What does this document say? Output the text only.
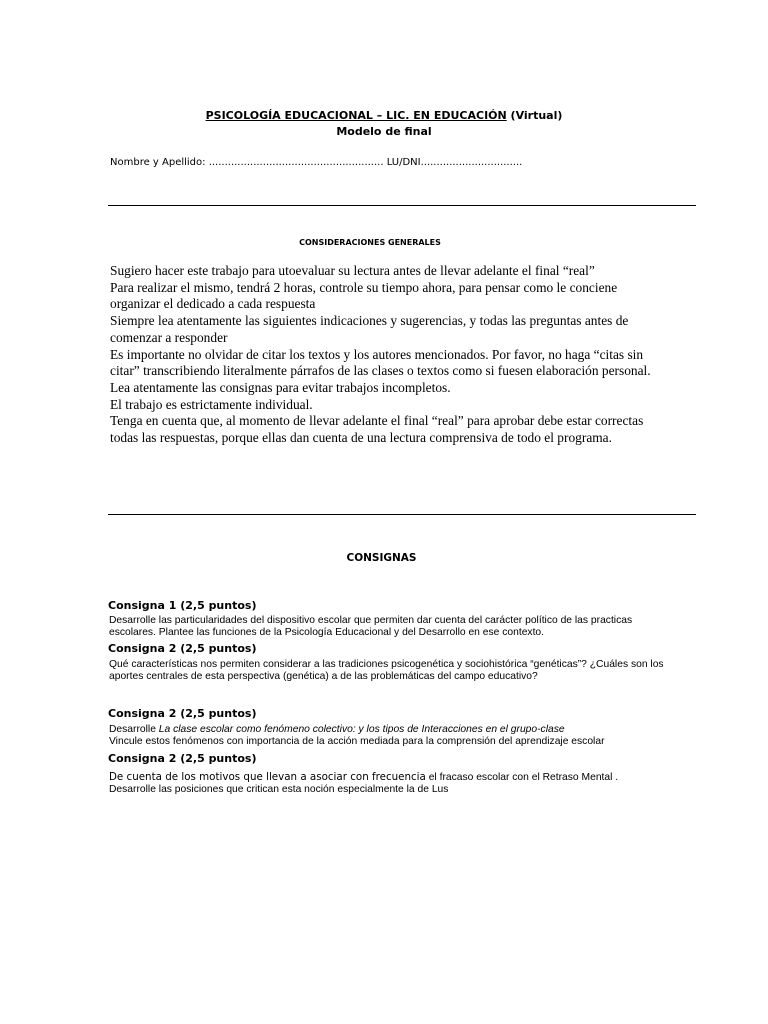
PSICOLOGÍA EDUCACIONAL – LIC. EN EDUCACIÓN (Virtual)
Modelo de final
Nombre y Apellido: ....................................................... LU/DNI................................
CONSIDERACIONES GENERALES

Sugiero hacer este trabajo para utoevaluar su lectura antes de llevar adelante el final “real”

Para realizar el mismo, tendrá 2 horas, controle su tiempo ahora, para pensar como le conciene organizar el dedicado a cada respuesta

Siempre lea atentamente las siguientes indicaciones y sugerencias, y todas las preguntas antes de comenzar a responder

Es importante no olvidar de citar los textos y los autores mencionados. Por favor, no haga “citas sin citar” transcribiendo literalmente párrafos de las clases o textos como si fuesen elaboración personal.

Lea atentamente las consignas para evitar trabajos incompletos.

El trabajo es estrictamente individual.

Tenga en cuenta que, al momento de llevar adelante el final “real” para aprobar debe estar correctas todas las respuestas, porque ellas dan cuenta de una lectura comprensiva de todo el programa.

CONSIGNAS
Consigna 1 (2,5 puntos)

Desarrolle las particularidades del dispositivo escolar que permiten dar cuenta del carácter político de las practicas escolares. Plantee las funciones de la Psicología Educacional y del Desarrollo en ese contexto.

Consigna 2 (2,5 puntos)

Qué características nos permiten considerar a las tradiciones psicogenética y sociohistórica “genéticas”? ¿Cuáles son los aportes centrales de esta perspectiva (genética) a de las problemáticas del campo educativo?

Consigna 2 (2,5 puntos)

Desarrolle La clase escolar como fenómeno colectivo: y los tipos de Interacciones en el grupo-clase

Vincule estos fenómenos con importancia de la acción mediada para la comprensión del aprendizaje escolar

Consigna 2 (2,5 puntos)

De cuenta de los motivos que llevan a asociar con frecuencia el fracaso escolar con el Retraso Mental .

Desarrolle las posiciones que critican esta noción especialmente la de Lus
